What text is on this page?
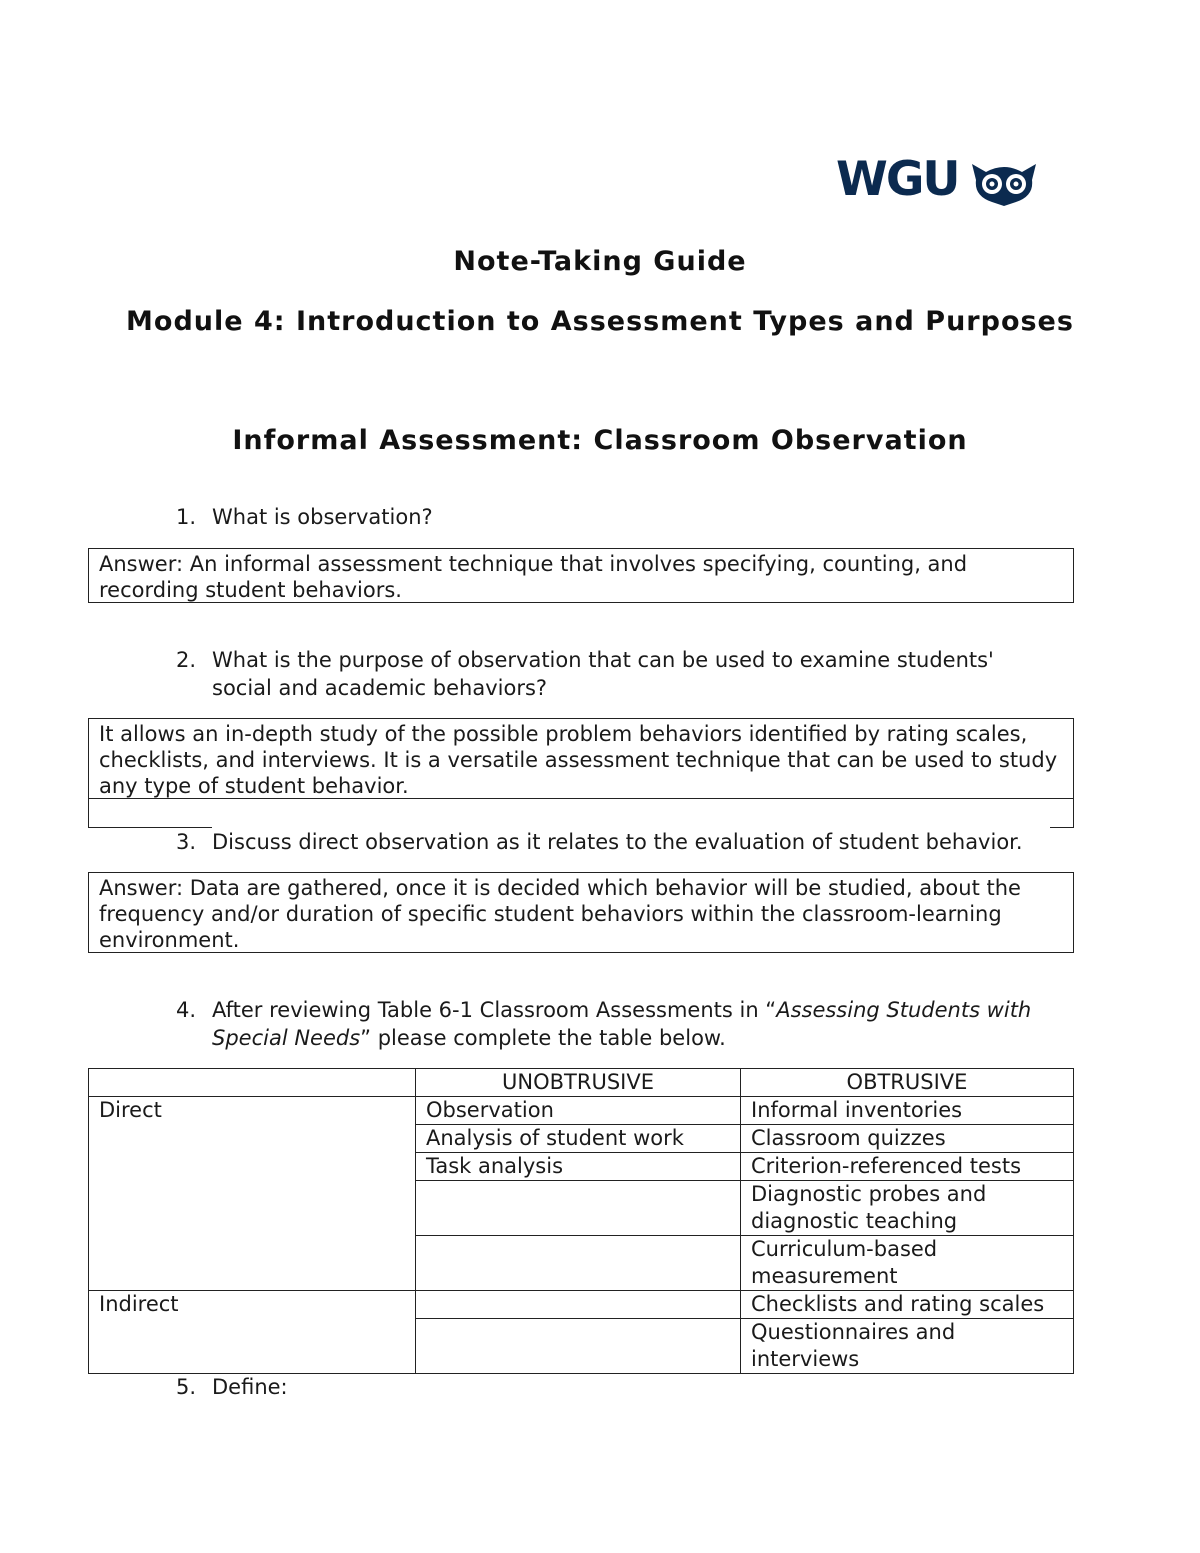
WGU
Note-Taking Guide
Module 4: Introduction to Assessment Types and Purposes
Informal Assessment: Classroom Observation
1. What is observation?
Answer: An informal assessment technique that involves specifying, counting, and recording student behaviors.
2. What is the purpose of observation that can be used to examine students' social and academic behaviors?
It allows an in-depth study of the possible problem behaviors identified by rating scales, checklists, and interviews. It is a versatile assessment technique that can be used to study any type of student behavior.
3. Discuss direct observation as it relates to the evaluation of student behavior.
Answer: Data are gathered, once it is decided which behavior will be studied, about the frequency and/or duration of specific student behaviors within the classroom-learning environment.
4. After reviewing Table 6-1 Classroom Assessments in “Assessing Students with Special Needs” please complete the table below.
	UNOBTRUSIVE	OBTRUSIVE
Direct	Observation	Informal inventories
	Analysis of student work	Classroom quizzes
	Task analysis	Criterion-referenced tests
		Diagnostic probes and diagnostic teaching
		Curriculum-based measurement
Indirect		Checklists and rating scales
		Questionnaires and interviews
5. Define:
